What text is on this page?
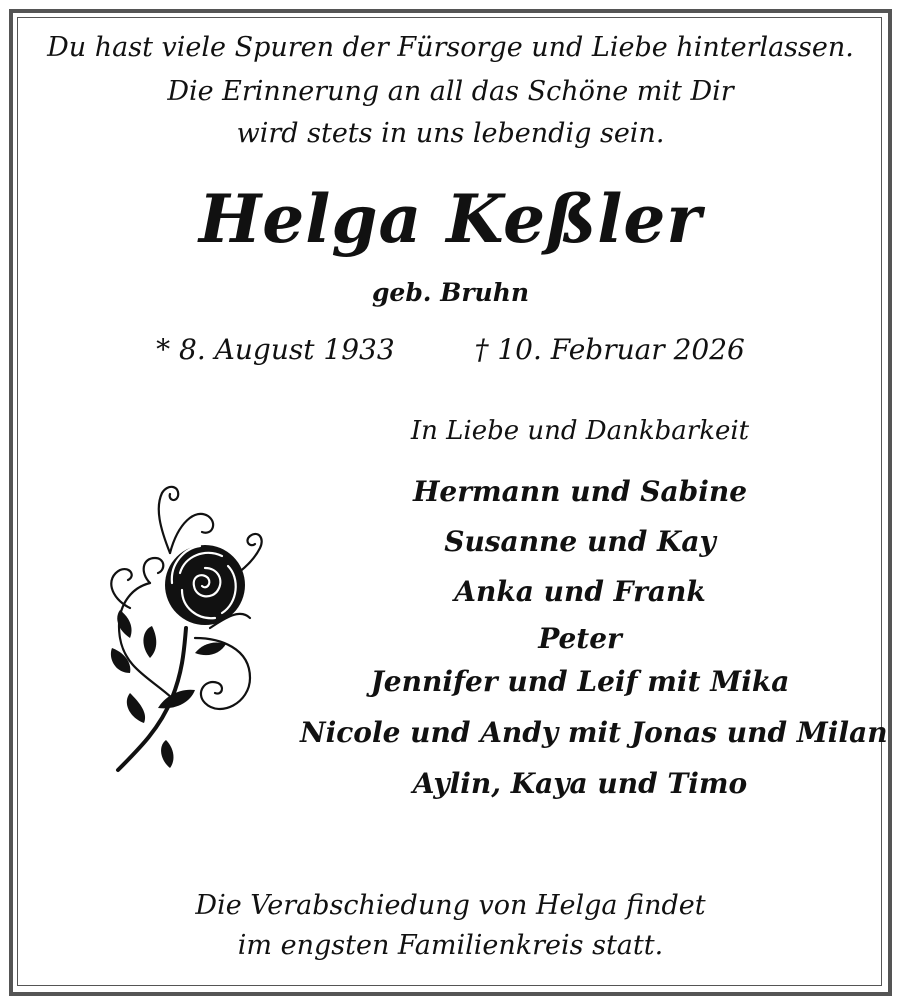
Du hast viele Spuren der Fürsorge und Liebe hinterlassen.
Die Erinnerung an all das Schöne mit Dir
wird stets in uns lebendig sein.
Helga Keßler
geb. Bruhn
* 8. August 1933	† 10. Februar 2026
In Liebe und Dankbarkeit
Hermann und Sabine
Susanne und Kay
Anka und Frank
Peter
Jennifer und Leif mit Mika
Nicole und Andy mit Jonas und Milan
Aylin, Kaya und Timo
Die Verabschiedung von Helga findet
im engsten Familienkreis statt.
